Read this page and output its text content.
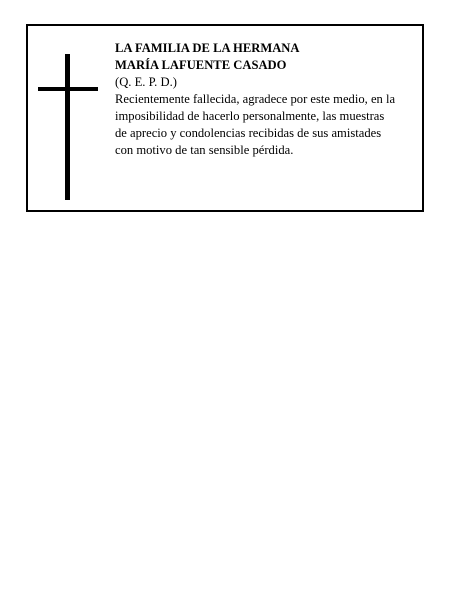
LA FAMILIA DE LA HERMANA
MARÍA LAFUENTE CASADO
(Q. E. P. D.)
Recientemente fallecida, agradece por este medio, en la
imposibilidad de hacerlo personalmente, las muestras
de aprecio y condolencias recibidas de sus amistades
con motivo de tan sensible pérdida.
